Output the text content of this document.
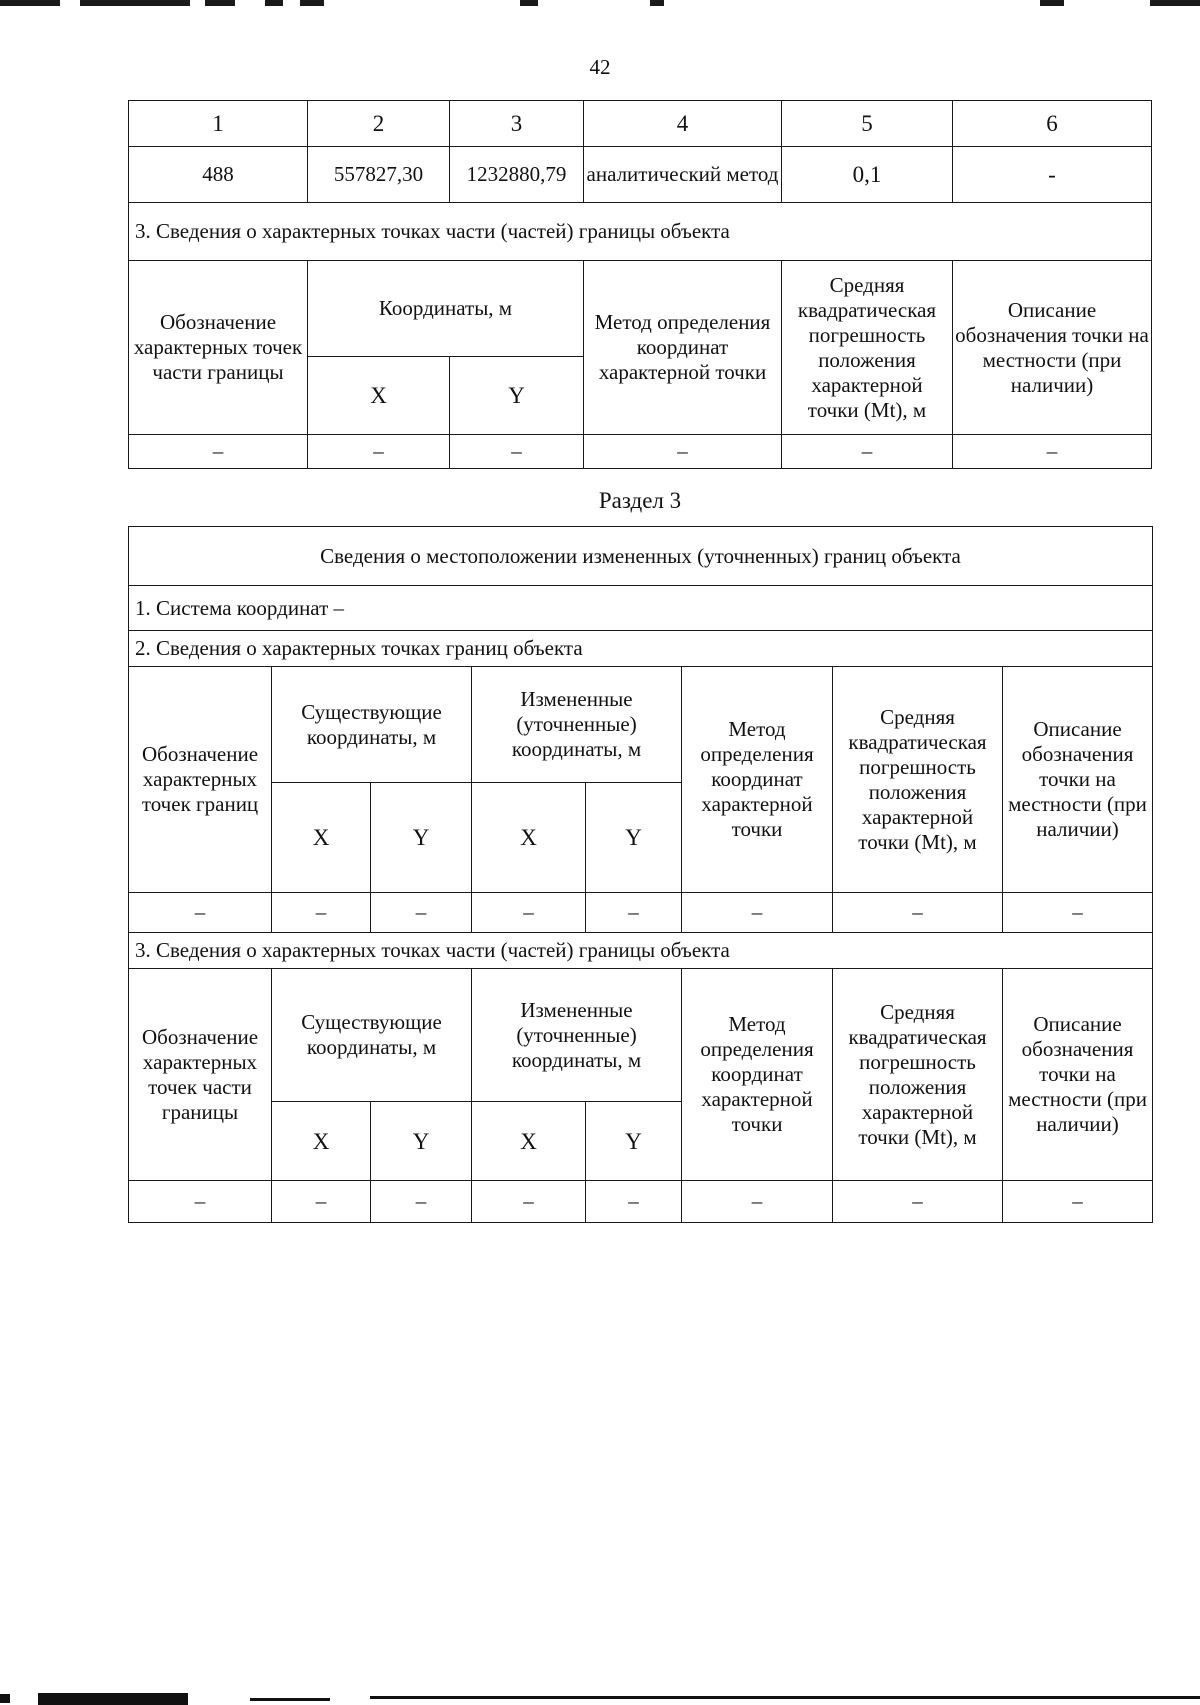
42
1	2	3	4	5	6
488	557827,30	1232880,79	аналитический метод	0,1	-
3. Сведения о характерных точках части (частей) границы объекта					
Обозначение характерных точек части границы	Координаты, м		Метод определения координат характерной точки	Средняя квадратическая погрешность положения характерной точки (Mt), м	Описание обозначения точки на местности (при наличии)
	X	Y			
–	–	–	–	–	–
Раздел 3
Сведения о местоположении измененных (уточненных) границ объекта							
1. Система координат –							
2. Сведения о характерных точках границ объекта							
Обозначение характерных точек границ	Существующие координаты, м		Измененные (уточненные) координаты, м		Метод определения координат характерной точки	Средняя квадратическая погрешность положения характерной точки (Mt), м	Описание обозначения точки на местности (при наличии)
	X	Y	X	Y			
–	–	–	–	–	–	–	–
3. Сведения о характерных точках части (частей) границы объекта							
Обозначение характерных точек части границы	Существующие координаты, м		Измененные (уточненные) координаты, м		Метод определения координат характерной точки	Средняя квадратическая погрешность положения характерной точки (Mt), м	Описание обозначения точки на местности (при наличии)
	X	Y	X	Y			
–	–	–	–	–	–	–	–
